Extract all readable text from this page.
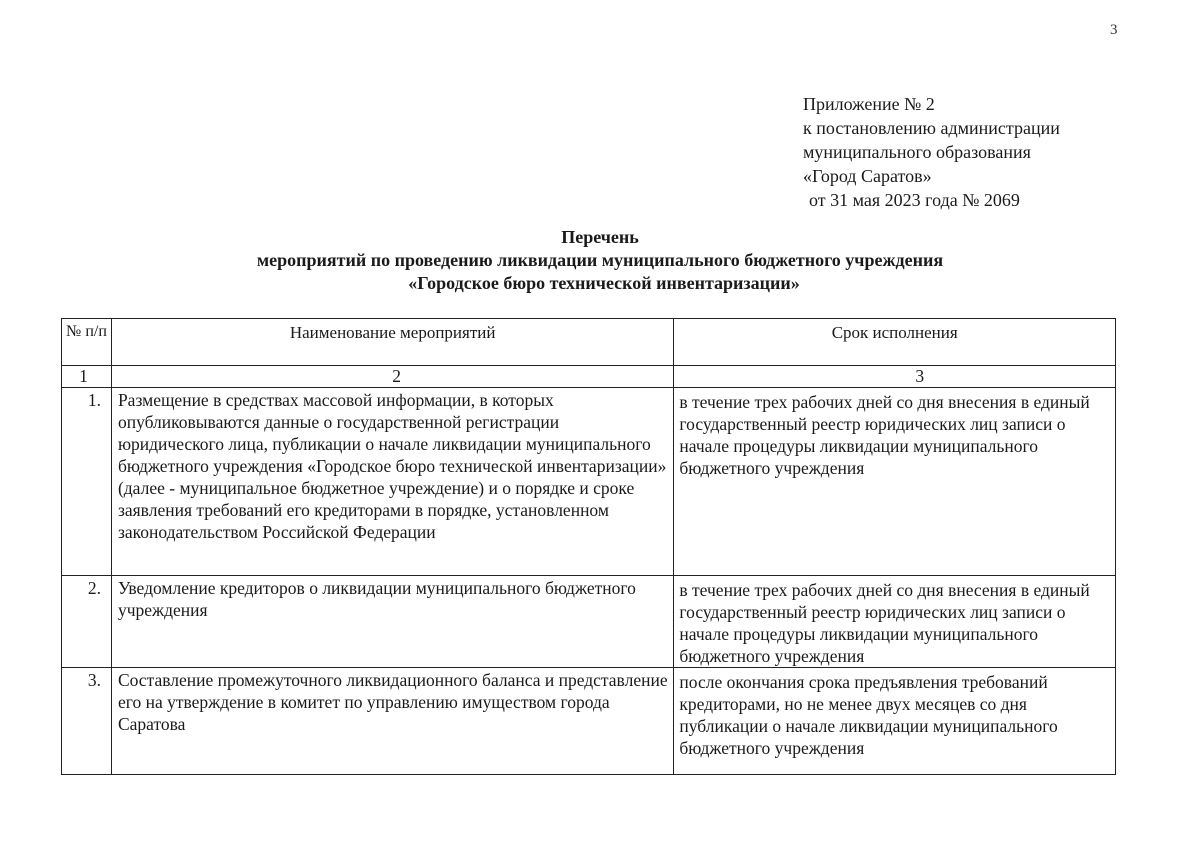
3
Приложение № 2
к постановлению администрации
муниципального образования
«Город Саратов»
от 31 мая 2023 года № 2069
Перечень
мероприятий по проведению ликвидации муниципального бюджетного учреждения
«Городское бюро технической инвентаризации»
№ п/п	Наименование мероприятий	Срок исполнения
1	2	3
1.	Размещение в средствах массовой информации, в которых опубликовываются данные о государственной регистрации юридического лица, публикации о начале ликвидации муниципального бюджетного учреждения «Городское бюро технической инвентаризации» (далее - муниципальное бюджетное учреждение) и о порядке и сроке заявления требований его кредиторами в порядке, установленном законодательством Российской Федерации	в течение трех рабочих дней со дня внесения в единый государственный реестр юридических лиц записи о начале процедуры ликвидации муниципального бюджетного учреждения
2.	Уведомление кредиторов о ликвидации муниципального бюджетного учреждения	в течение трех рабочих дней со дня внесения в единый государственный реестр юридических лиц записи о начале процедуры ликвидации муниципального бюджетного учреждения
3.	Составление промежуточного ликвидационного баланса и представление его на утверждение в комитет по управлению имуществом города Саратова	после окончания срока предъявления требований кредиторами, но не менее двух месяцев со дня публикации о начале ликвидации муниципального бюджетного учреждения
